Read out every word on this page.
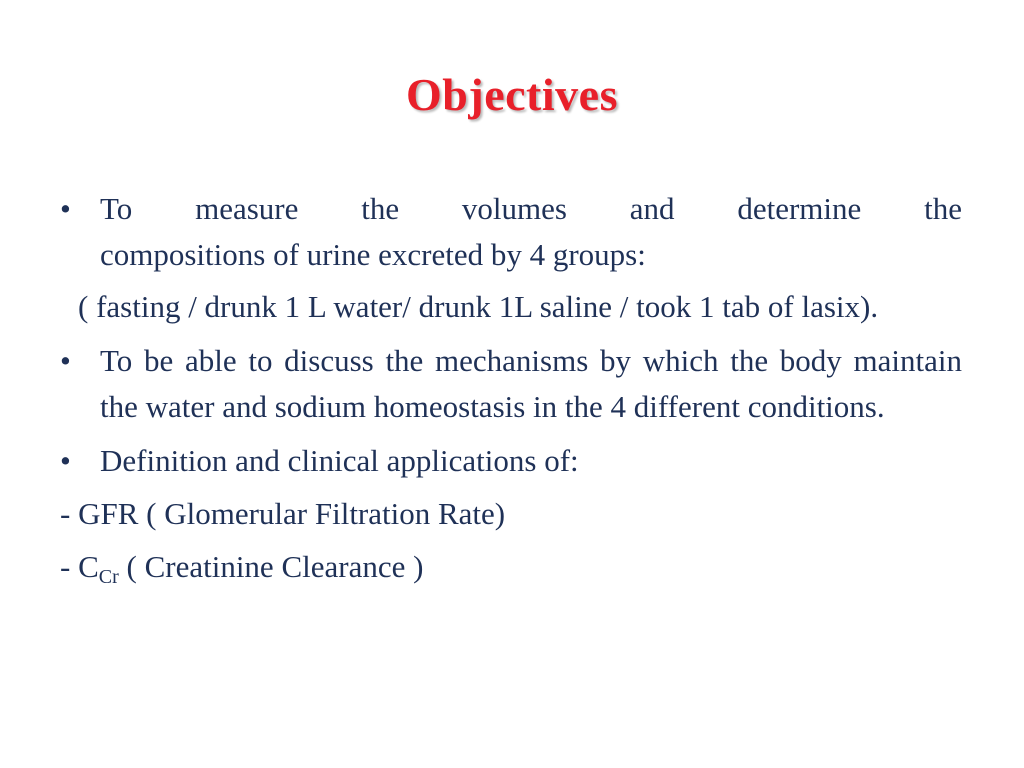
Objectives
• To measure the volumes and determine the
compositions of urine excreted by 4 groups:
( fasting / drunk 1 L water/ drunk 1L saline / took 1 tab of lasix).
• To be able to discuss the mechanisms by which the body maintain the water and sodium homeostasis in the 4 different conditions.
• Definition and clinical applications of:
- GFR ( Glomerular Filtration Rate)
- $C_{Cr}$ ( Creatinine Clearance )
